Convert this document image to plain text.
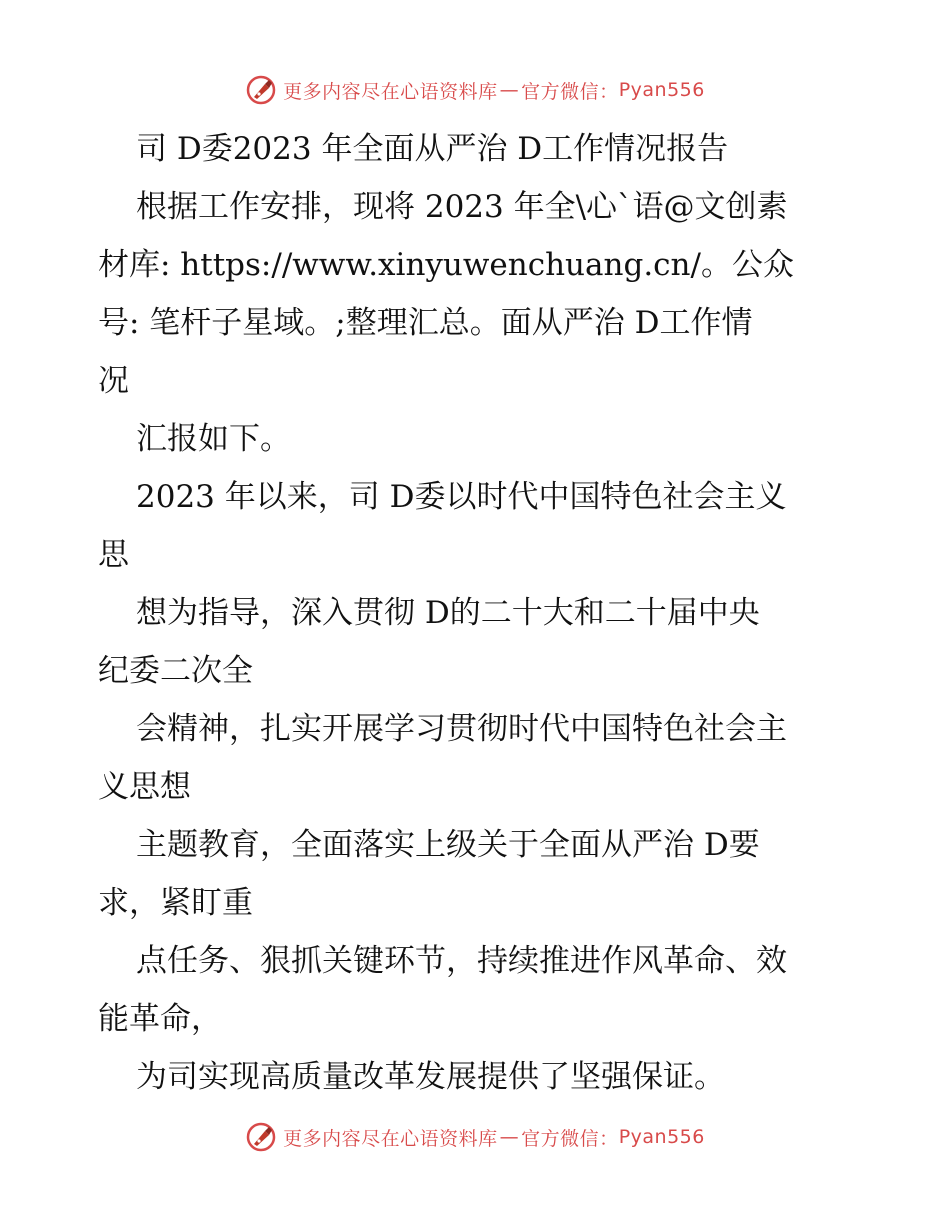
更多内容尽在心语资料库 — 官方微信： Pyan556
司 D委2023 年全面从严治 D工作情况报告
根据工作安排，现将 2023 年全\心`语@文创素
材库: https://www.xinyuwenchuang.cn/。公众
号: 笔杆子星域。;整理汇总。面从严治 D工作情
况
汇报如下。
2023 年以来，司 D委以时代中国特色社会主义
思
想为指导，深入贯彻 D的二十大和二十届中央
纪委二次全
会精神，扎实开展学习贯彻时代中国特色社会主
义思想
主题教育，全面落实上级关于全面从严治 D要
求，紧盯重
点任务、狠抓关键环节，持续推进作风革命、效
能革命，
为司实现高质量改革发展提供了坚强保证。
更多内容尽在心语资料库 — 官方微信： Pyan556
